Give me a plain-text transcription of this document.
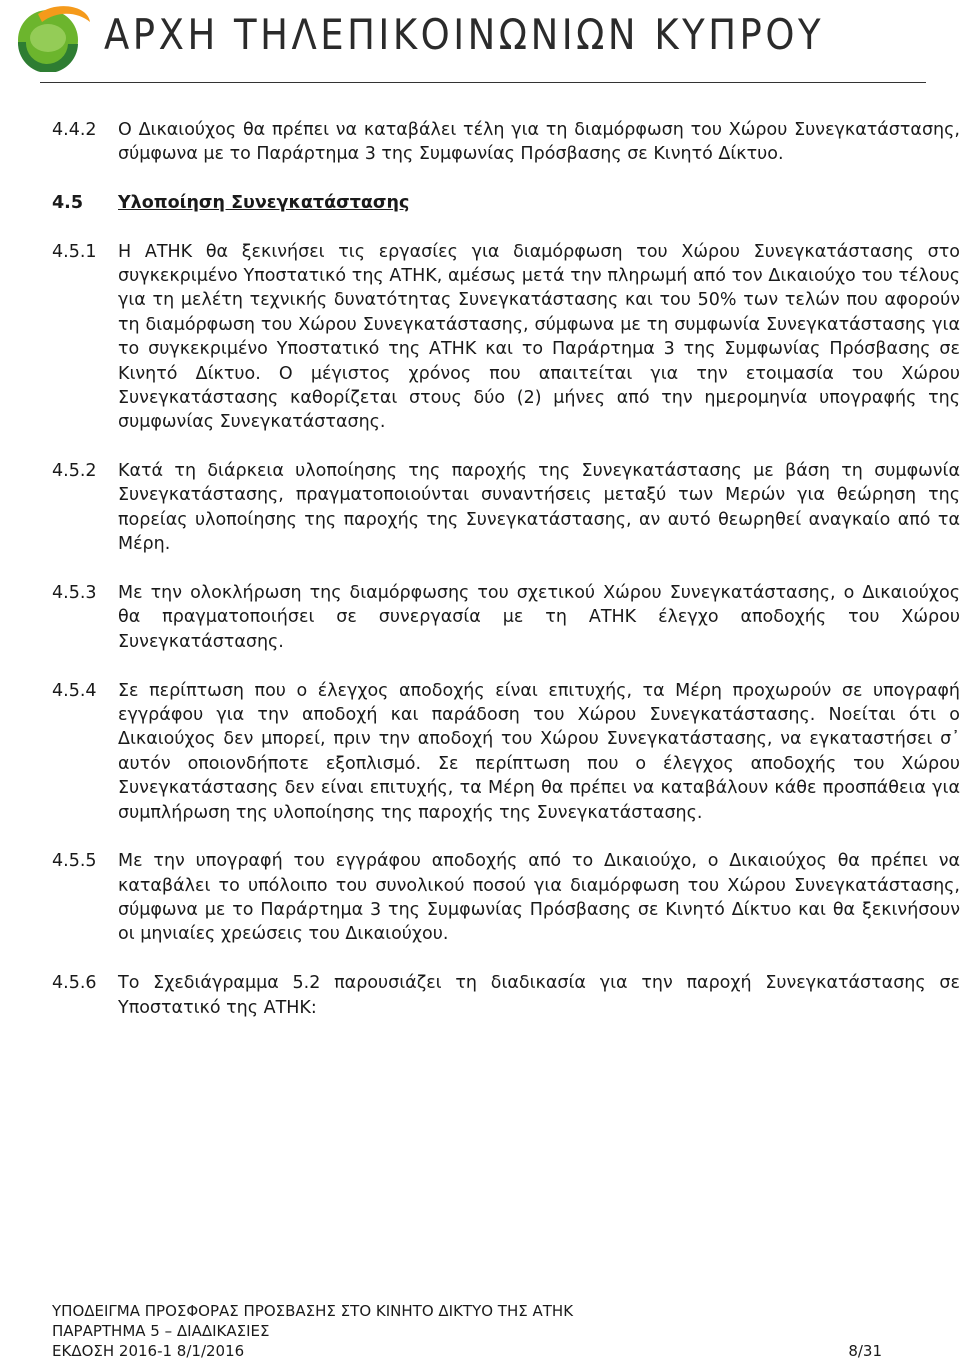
ΑΡΧΗ ΤΗΛΕΠΙΚΟΙΝΩΝΙΩΝ ΚΥΠΡΟΥ
4.4.2	Ο Δικαιούχος θα πρέπει να καταβάλει τέλη για τη διαμόρφωση του Χώρου Συνεγκατάστασης, σύμφωνα με το Παράρτημα 3 της Συμφωνίας Πρόσβασης σε Κινητό Δίκτυο.
4.5	Υλοποίηση Συνεγκατάστασης
4.5.1	Η ΑΤΗΚ θα ξεκινήσει τις εργασίες για διαμόρφωση του Χώρου Συνεγκατάστασης στο συγκεκριμένο Υποστατικό της ΑΤΗΚ, αμέσως μετά την πληρωμή από τον Δικαιούχο του τέλους για τη μελέτη τεχνικής δυνατότητας Συνεγκατάστασης και του 50% των τελών που αφορούν τη διαμόρφωση του Χώρου Συνεγκατάστασης, σύμφωνα με τη συμφωνία Συνεγκατάστασης για το συγκεκριμένο Υποστατικό της ΑΤΗΚ και το Παράρτημα 3 της Συμφωνίας Πρόσβασης σε Κινητό Δίκτυο. Ο μέγιστος χρόνος που απαιτείται για την ετοιμασία του Χώρου Συνεγκατάστασης καθορίζεται στους δύο (2) μήνες από την ημερομηνία υπογραφής της συμφωνίας Συνεγκατάστασης.
4.5.2	Κατά τη διάρκεια υλοποίησης της παροχής της Συνεγκατάστασης με βάση τη συμφωνία Συνεγκατάστασης, πραγματοποιούνται συναντήσεις μεταξύ των Μερών για θεώρηση της πορείας υλοποίησης της παροχής της Συνεγκατάστασης, αν αυτό θεωρηθεί αναγκαίο από τα Μέρη.
4.5.3	Με την ολοκλήρωση της διαμόρφωσης του σχετικού Χώρου Συνεγκατάστασης, ο Δικαιούχος θα πραγματοποιήσει σε συνεργασία με τη ΑΤΗΚ έλεγχο αποδοχής του Χώρου Συνεγκατάστασης.
4.5.4	Σε περίπτωση που ο έλεγχος αποδοχής είναι επιτυχής, τα Μέρη προχωρούν σε υπογραφή εγγράφου για την αποδοχή και παράδοση του Χώρου Συνεγκατάστασης. Νοείται ότι ο Δικαιούχος δεν μπορεί, πριν την αποδοχή του Χώρου Συνεγκατάστασης, να εγκαταστήσει σ᾽ αυτόν οποιονδήποτε εξοπλισμό. Σε περίπτωση που ο έλεγχος αποδοχής του Χώρου Συνεγκατάστασης δεν είναι επιτυχής, τα Μέρη θα πρέπει να καταβάλουν κάθε προσπάθεια για συμπλήρωση της υλοποίησης της παροχής της Συνεγκατάστασης.
4.5.5	Με την υπογραφή του εγγράφου αποδοχής από το Δικαιούχο, ο Δικαιούχος θα πρέπει να καταβάλει το υπόλοιπο του συνολικού ποσού για διαμόρφωση του Χώρου Συνεγκατάστασης, σύμφωνα με το Παράρτημα 3 της Συμφωνίας Πρόσβασης σε Κινητό Δίκτυο και θα ξεκινήσουν οι μηνιαίες χρεώσεις του Δικαιούχου.
4.5.6	Το Σχεδιάγραμμα 5.2 παρουσιάζει τη διαδικασία για την παροχή Συνεγκατάστασης σε Υποστατικό της ΑΤΗΚ:
ΥΠΟΔΕΙΓΜΑ ΠΡΟΣΦΟΡΑΣ ΠΡΟΣΒΑΣΗΣ ΣΤΟ ΚΙΝΗΤΟ ΔΙΚΤΥΟ ΤΗΣ ΑΤΗΚ
ΠΑΡΑΡΤΗΜΑ 5 – ΔΙΑΔΙΚΑΣΙΕΣ
ΕΚΔΟΣΗ 2016-1 8/1/2016	8/31
